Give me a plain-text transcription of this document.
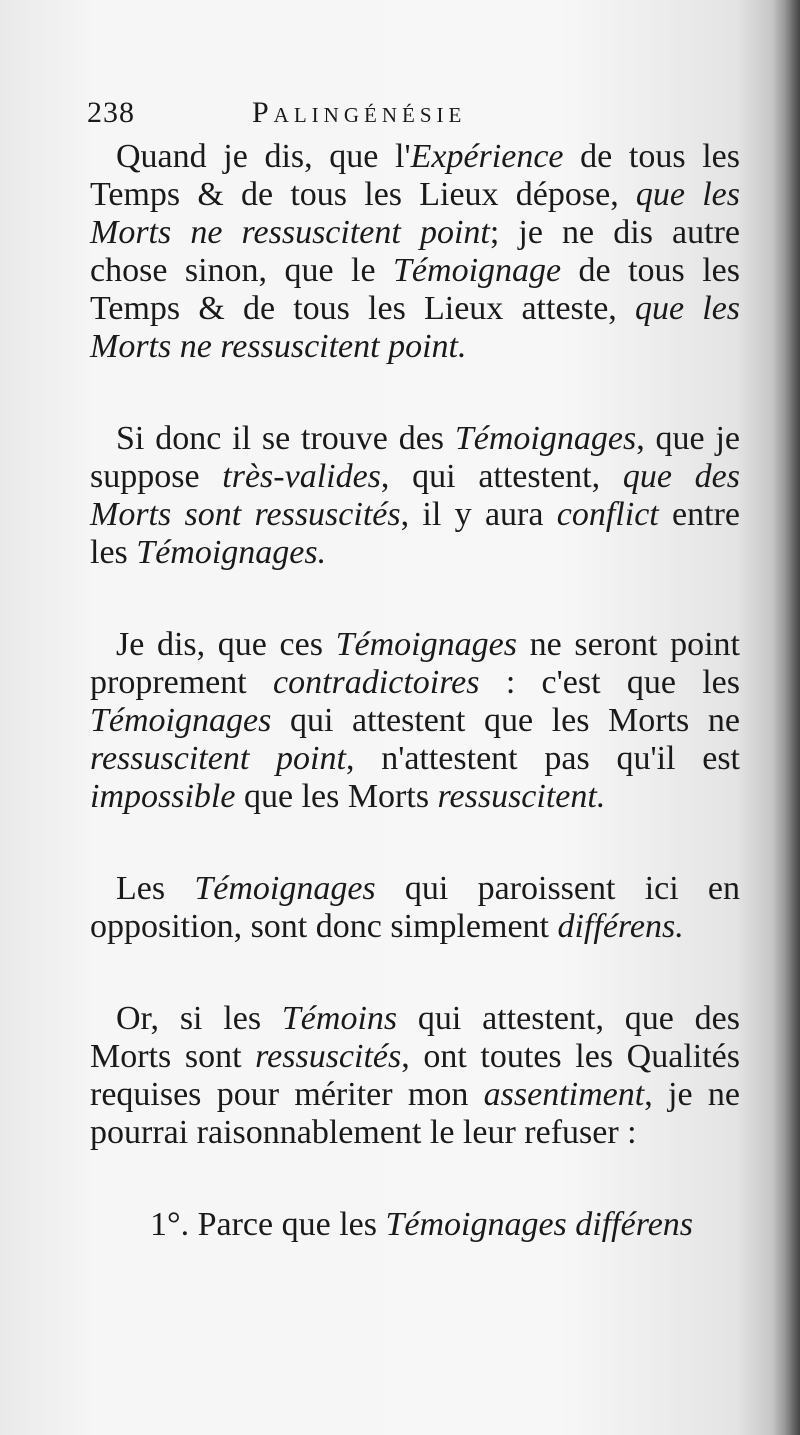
238	Palingénésie

Quand je dis, que l'Expérience de tous les Temps & de tous les Lieux dépose, que les Morts ne ressuscitent point; je ne dis autre chose sinon, que le Témoignage de tous les Temps & de tous les Lieux atteste, que les Morts ne ressuscitent point.

Si donc il se trouve des Témoignages, que je suppose très-valides, qui attestent, que des Morts sont ressuscités, il y aura conflict entre les Témoignages.

Je dis, que ces Témoignages ne seront point proprement contradictoires : c'est que les Témoignages qui attestent que les Morts ne ressuscitent point, n'attestent pas qu'il est impossible que les Morts ressuscitent.

Les Témoignages qui paroissent ici en opposition, sont donc simplement différens.

Or, si les Témoins qui attestent, que des Morts sont ressuscités, ont toutes les Qualités requises pour mériter mon assentiment, je ne pourrai raisonnablement le leur refuser :

1°. Parce que les Témoignages différens
